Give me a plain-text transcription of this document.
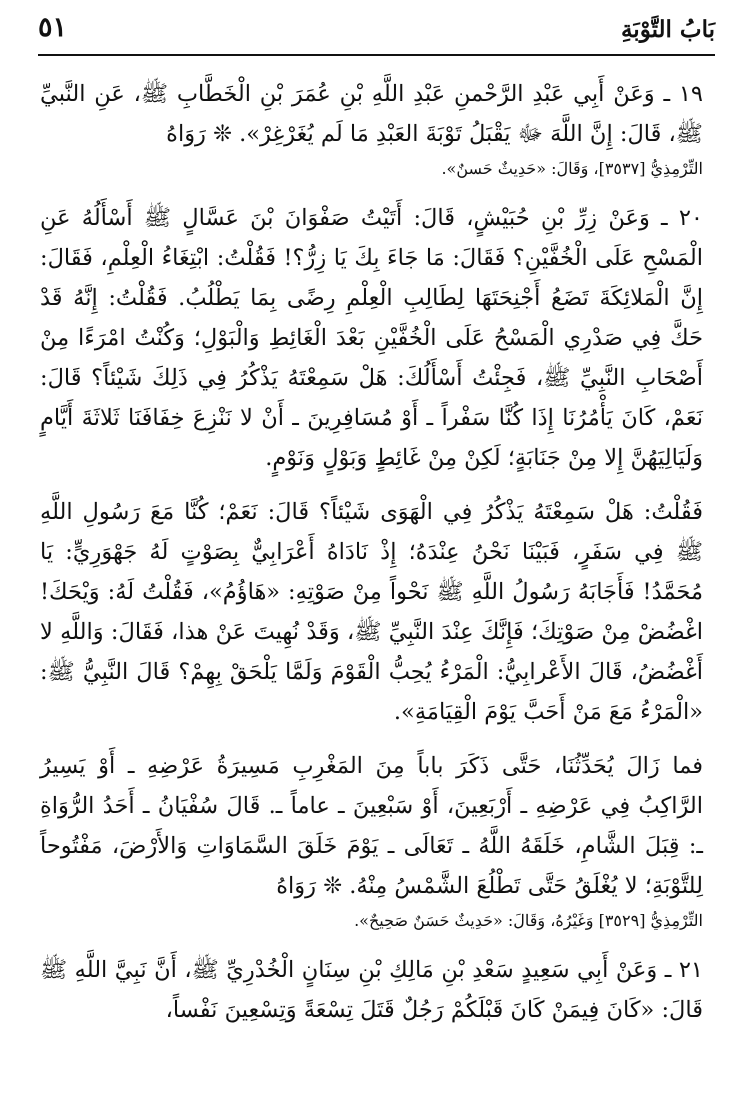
بَابُ التَّوْبَةِ
٥١

١٩ ـ وَعَنْ أَبِي عَبْدِ الرَّحْمنِ عَبْدِ اللَّهِ بْنِ عُمَرَ بْنِ الْخَطَّابِ ﷺ، عَنِ النَّبيِّ ﷺ، قَالَ: إِنَّ اللَّهَ ﷻ يَقْبَلُ تَوْبَةَ العَبْدِ مَا لَم يُغَرْغِرْ». ❊ رَوَاهُ

التِّرْمِذِيُّ [٣٥٣٧]، وَقَالَ: «حَدِيثٌ حَسنٌ».

٢٠ ـ وَعَنْ زِرِّ بْنِ حُبَيْشٍ، قَالَ: أَتَيْتُ صَفْوَانَ بْنَ عَسَّالٍ ﷺ أَسْأَلُهُ عَنِ الْمَسْحِ عَلَى الْخُفَّيْنِ؟ فَقَالَ: مَا جَاءَ بِكَ يَا زِرُّ؟! فَقُلْتُ: ابْتِغَاءُ الْعِلْمِ، فَقَالَ: إِنَّ الْمَلائِكَةَ تَضَعُ أَجْنِحَتَهَا لِطَالِبِ الْعِلْمِ رِضًى بِمَا يَطْلُبُ. فَقُلْتُ: إِنَّهُ قَدْ حَكَّ فِي صَدْرِي الْمَسْحُ عَلَى الْخُفَّيْنِ بَعْدَ الْغَائِطِ وَالْبَوْلِ؛ وَكُنْتُ امْرَءًا مِنْ أَصْحَابِ النَّبِيِّ ﷺ، فَجِئْتُ أَسْأَلُكَ: هَلْ سَمِعْتَهُ يَذْكُرُ فِي ذَلِكَ شَيْئاً؟ قَالَ: نَعَمْ، كَانَ يَأْمُرُنَا إِذَا كُنَّا سَفْراً ـ أَوْ مُسَافِرِينَ ـ أَنْ لا نَنْزِعَ خِفَافَنَا ثَلاثَةَ أَيَّامٍ وَلَيَالِيَهُنَّ إِلا مِنْ جَنَابَةٍ؛ لَكِنْ مِنْ غَائِطٍ وَبَوْلٍ وَنَوْمٍ.

فَقُلْتُ: هَلْ سَمِعْتَهُ يَذْكُرُ فِي الْهَوَى شَيْئاً؟ قَالَ: نَعَمْ؛ كُنَّا مَعَ رَسُولِ اللَّهِ ﷺ فِي سَفَرٍ، فَبَيْنَا نَحْنُ عِنْدَهُ؛ إِذْ نَادَاهُ أَعْرَابِيٌّ بِصَوْتٍ لَهُ جَهْوَرِيٍّ: يَا مُحَمَّدُ! فَأَجَابَهُ رَسُولُ اللَّهِ ﷺ نَحْواً مِنْ صَوْتِهِ: «هَاؤُمُ»، فَقُلْتُ لَهُ: وَيْحَكَ! اغْضُضْ مِنْ صَوْتِكَ؛ فَإِنَّكَ عِنْدَ النَّبِيِّ ﷺ، وَقَدْ نُهِيتَ عَنْ هذا، فَقَالَ: وَاللَّهِ لا أَغْضُضُ، قَالَ الأَعْرابِيُّ: الْمَرْءُ يُحِبُّ الْقَوْمَ وَلَمَّا يَلْحَقْ بِهِمْ؟ قَالَ النَّبِيُّ ﷺ: «الْمَرْءُ مَعَ مَنْ أَحَبَّ يَوْمَ الْقِيَامَةِ».

فما زَالَ يُحَدِّثُنَا، حَتَّى ذَكَرَ باباً مِنَ المَغْرِبِ مَسِيرَةُ عَرْضِهِ ـ أَوْ يَسِيرُ الرَّاكِبُ فِي عَرْضِهِ ـ أَرْبَعِينَ، أَوْ سَبْعِينَ ـ عاماً ـ. قَالَ سُفْيَانُ ـ أَحَدُ الرُّوَاةِ ـ: قِبَلَ الشَّامِ، خَلَقَهُ اللَّهُ ـ تَعَالَى ـ يَوْمَ خَلَقَ السَّمَاوَاتِ وَالأَرْضَ، مَفْتُوحاً لِلتَّوْبَةِ؛ لا يُغْلَقُ حَتَّى تَطْلُعَ الشَّمْسُ مِنْهُ. ❊ رَوَاهُ

التِّرْمِذِيُّ [٣٥٢٩] وَغَيْرُهُ، وَقَالَ: «حَدِيثٌ حَسَنٌ صَحِيحٌ».

٢١ ـ وَعَنْ أَبِي سَعِيدٍ سَعْدِ بْنِ مَالِكِ بْنِ سِنَانٍ الْخُدْرِيِّ ﷺ، أَنَّ نَبِيَّ اللَّهِ ﷺ قَالَ: «كَانَ فِيمَنْ كَانَ قَبْلَكُمْ رَجُلٌ قَتَلَ تِسْعَةً وَتِسْعِينَ نَفْساً،
